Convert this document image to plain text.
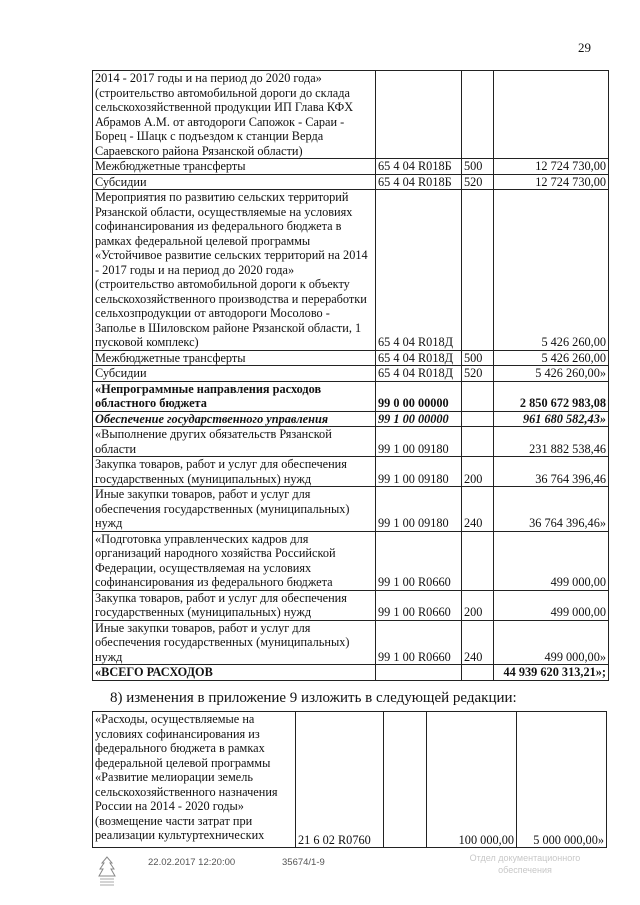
29
2014 - 2017 годы и на период до 2020 года» (строительство автомобильной дороги до склада сельскохозяйственной продукции ИП Глава КФХ Абрамов А.М. от автодороги Сапожок - Сараи - Борец - Шацк с подъездом к станции Верда Сараевского района Рязанской области)			
Межбюджетные трансферты	65 4 04 R018Б	500	12 724 730,00
Субсидии	65 4 04 R018Б	520	12 724 730,00
Мероприятия по развитию сельских территорий Рязанской области, осуществляемые на условиях софинансирования из федерального бюджета в рамках федеральной целевой программы «Устойчивое развитие сельских территорий на 2014 - 2017 годы и на период до 2020 года» (строительство автомобильной дороги к объекту сельскохозяйственного производства и переработки сельхозпродукции от автодороги Мосолово - Заполье в Шиловском районе Рязанской области, 1 пусковой комплекс)	65 4 04 R018Д		5 426 260,00
Межбюджетные трансферты	65 4 04 R018Д	500	5 426 260,00
Субсидии	65 4 04 R018Д	520	5 426 260,00»
«Непрограммные направления расходов областного бюджета	99 0 00 00000		2 850 672 983,08
Обеспечение государственного управления	99 1 00 00000		961 680 582,43»
«Выполнение других обязательств Рязанской области	99 1 00 09180		231 882 538,46
Закупка товаров, работ и услуг для обеспечения государственных (муниципальных) нужд	99 1 00 09180	200	36 764 396,46
Иные закупки товаров, работ и услуг для обеспечения государственных (муниципальных) нужд	99 1 00 09180	240	36 764 396,46»
«Подготовка управленческих кадров для организаций народного хозяйства Российской Федерации, осуществляемая на условиях софинансирования из федерального бюджета	99 1 00 R0660		499 000,00
Закупка товаров, работ и услуг для обеспечения государственных (муниципальных) нужд	99 1 00 R0660	200	499 000,00
Иные закупки товаров, работ и услуг для обеспечения государственных (муниципальных) нужд	99 1 00 R0660	240	499 000,00»
«ВСЕГО РАСХОДОВ			44 939 620 313,21»;
8) изменения в приложение 9 изложить в следующей редакции:
«Расходы, осуществляемые на условиях софинансирования из федерального бюджета в рамках федеральной целевой программы «Развитие мелиорации земель сельскохозяйственного назначения России на 2014 - 2020 годы» (возмещение части затрат при реализации культуртехнических	21 6 02 R0760		100 000,00	5 000 000,00»
22.02.2017 12:20:00	35674/1-9	Отдел документационного обеспечения
